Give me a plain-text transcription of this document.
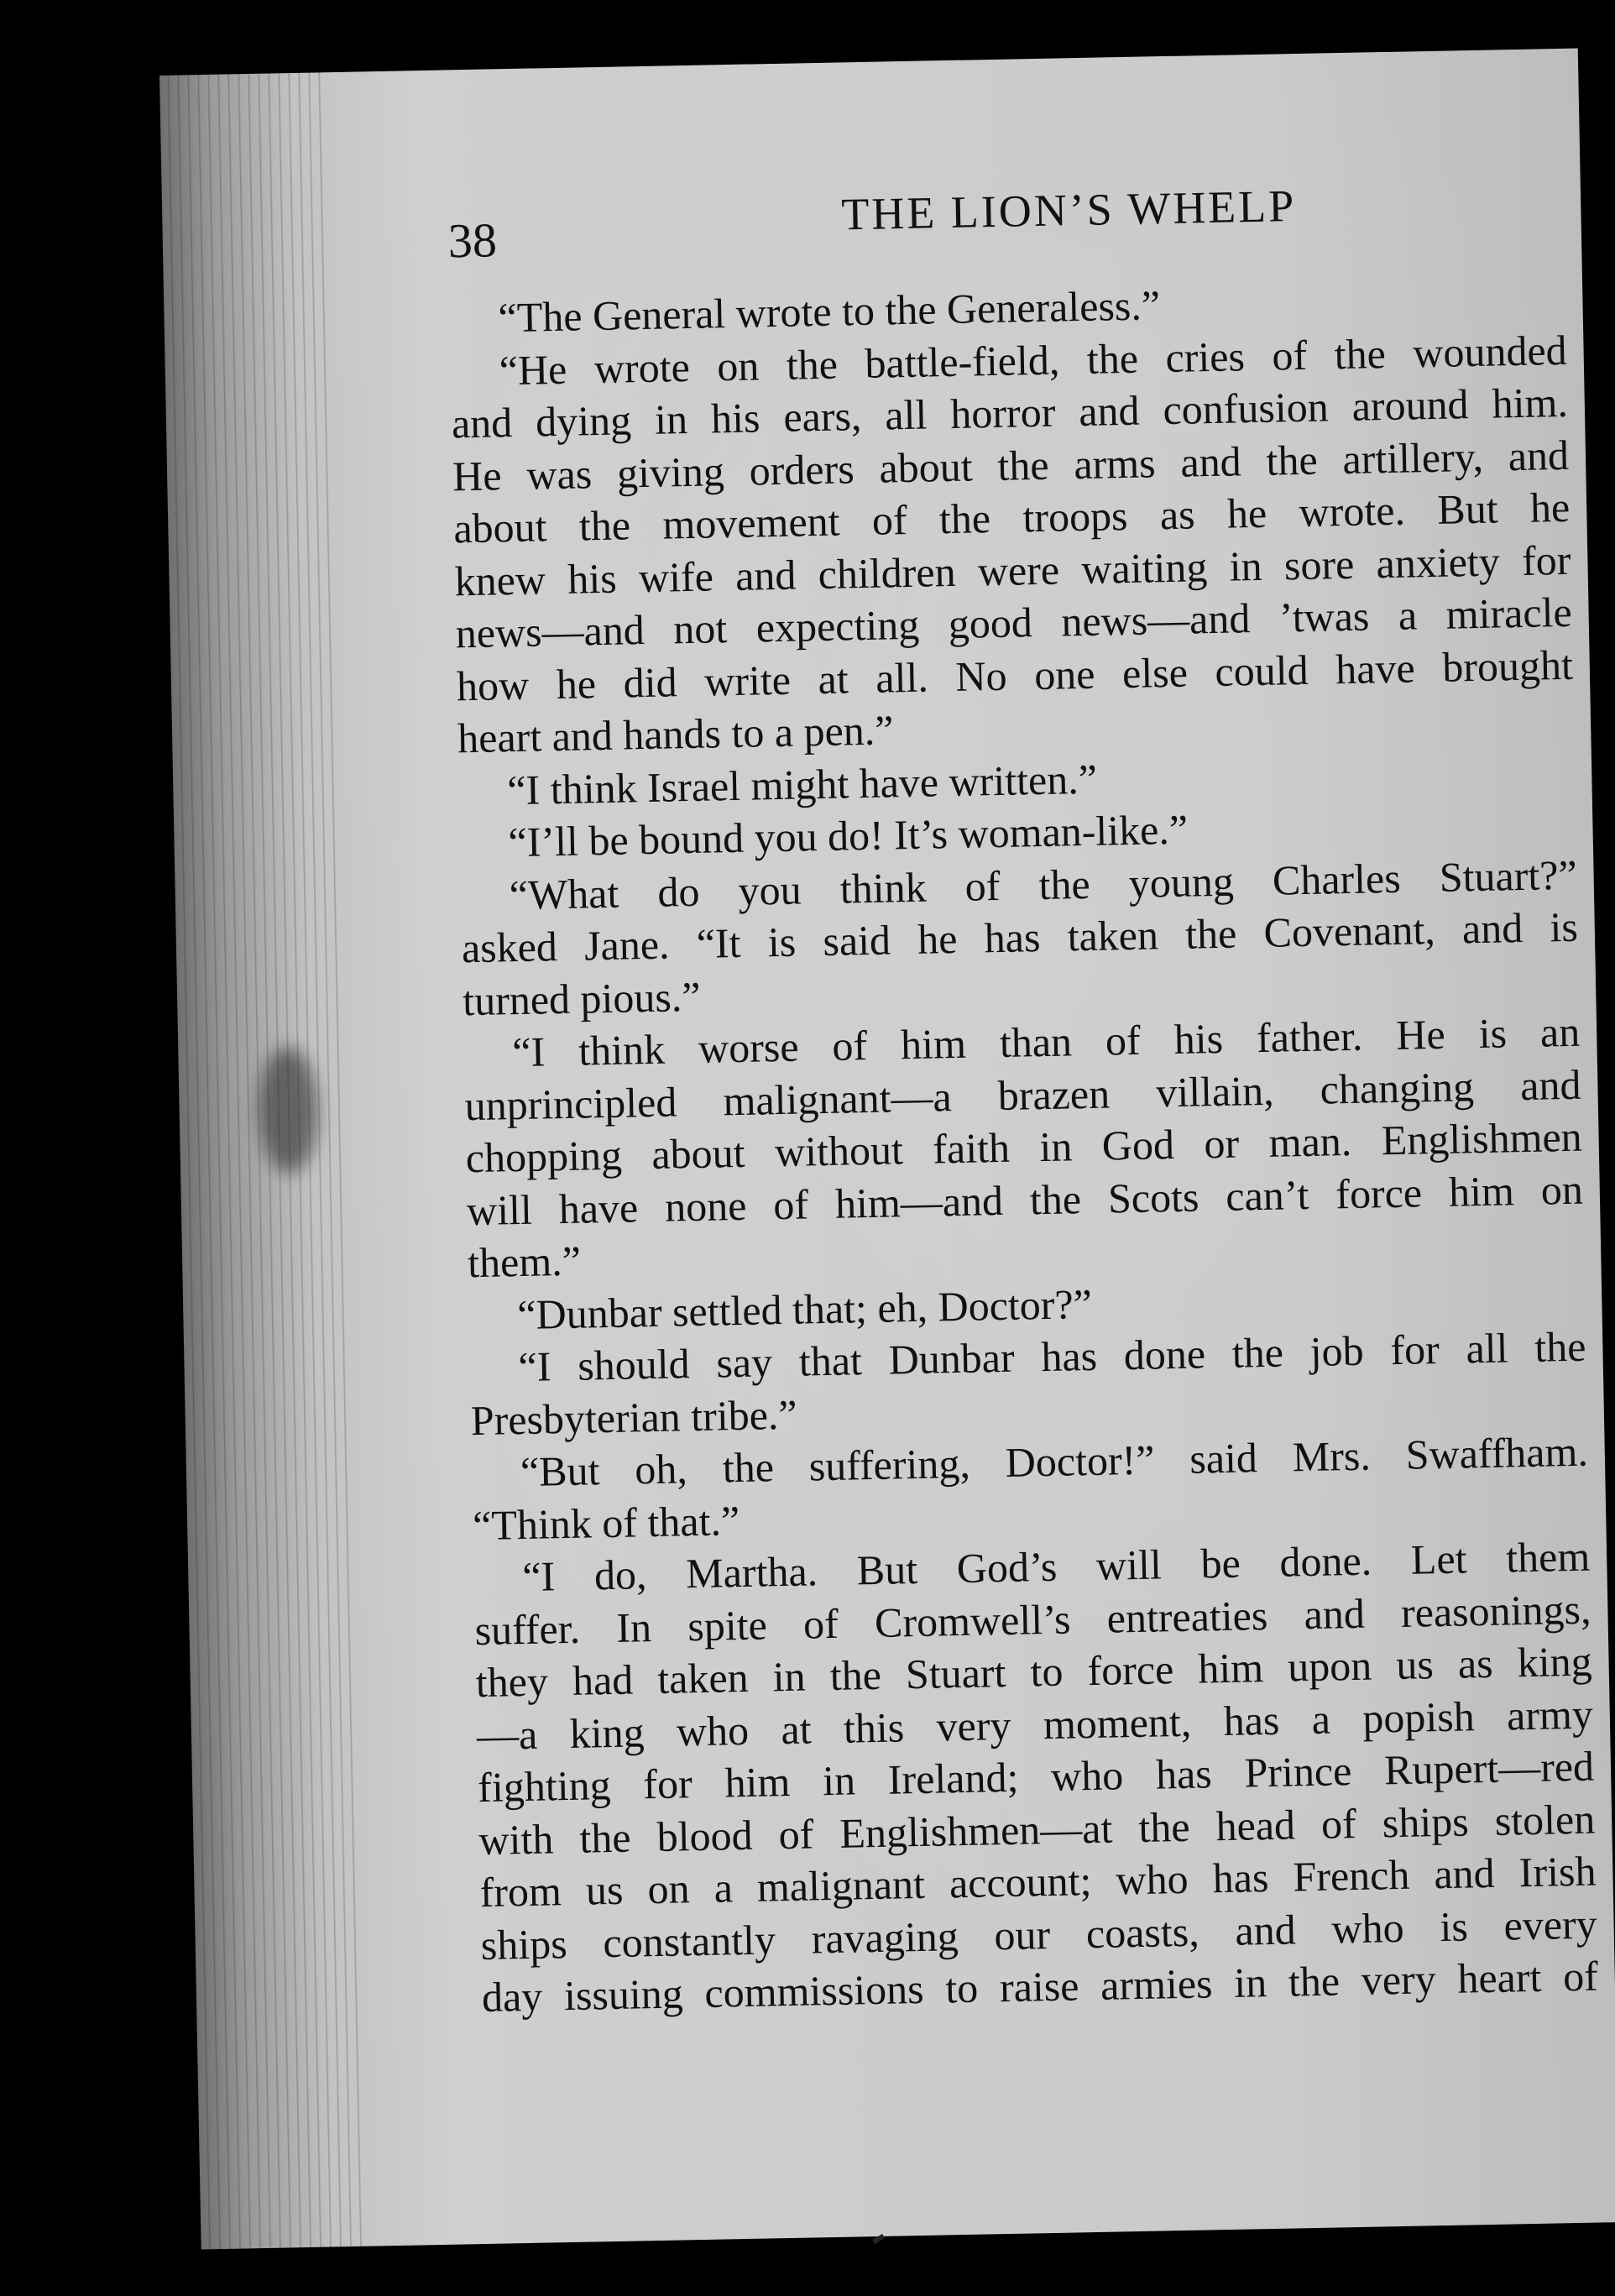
38
THE LION’S WHELP
“The General wrote to the Generaless.”
“He wrote on the battle-field, the cries of the wounded
and dying in his ears, all horror and confusion around him.
He was giving orders about the arms and the artillery, and
about the movement of the troops as he wrote. But he
knew his wife and children were waiting in sore anxiety for
news—and not expecting good news—and ’twas a miracle
how he did write at all. No one else could have brought
heart and hands to a pen.”
“I think Israel might have written.”
“I’ll be bound you do! It’s woman-like.”
“What do you think of the young Charles Stuart?”
asked Jane. “It is said he has taken the Covenant, and is
turned pious.”
“I think worse of him than of his father. He is an
unprincipled malignant—a brazen villain, changing and
chopping about without faith in God or man. Englishmen
will have none of him—and the Scots can’t force him on
them.”
“Dunbar settled that; eh, Doctor?”
“I should say that Dunbar has done the job for all the
Presbyterian tribe.”
“But oh, the suffering, Doctor!” said Mrs. Swaffham.
“Think of that.”
“I do, Martha. But God’s will be done. Let them
suffer. In spite of Cromwell’s entreaties and reasonings,
they had taken in the Stuart to force him upon us as king
—a king who at this very moment, has a popish army
fighting for him in Ireland; who has Prince Rupert—red
with the blood of Englishmen—at the head of ships stolen
from us on a malignant account; who has French and Irish
ships constantly ravaging our coasts, and who is every
day issuing commissions to raise armies in the very heart of
